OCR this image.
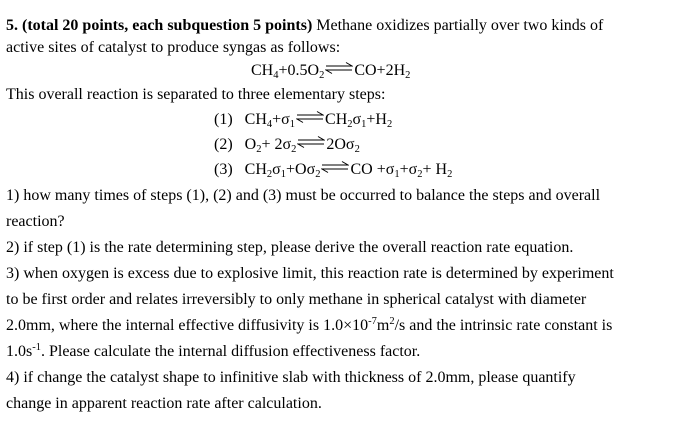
5. (total 20 points, each subquestion 5 points) Methane oxidizes partially over two kinds of
active sites of catalyst to produce syngas as follows:
$CH_4+0.5O_2$ $\rightleftharpoons CO+2H_2$
This overall reaction is separated to three elementary steps:
(1) $CH_4+\sigma_1$ $\rightleftharpoons CH_2\sigma_1+H_2$
(2) $O_2+ 2\sigma_2$ $\rightleftharpoons 2O\sigma_2$
(3) $CH_2\sigma_1+O\sigma_2$ ⇌CO $+\sigma_1+\sigma_2+ H_2$
1) how many times of steps (1), (2) and (3) must be occurred to balance the steps and overall
reaction?
2) if step (1) is the rate determining step, please derive the overall reaction rate equation.
3) when oxygen is excess due to explosive limit, this reaction rate is determined by experiment
to be first order and relates irreversibly to only methane in spherical catalyst with diameter
2.0mm, where the internal effective diffusivity is $1.0\times 10^{-7}m^2/s$ and the intrinsic rate constant is
$1.0s^{-1}$. Please calculate the internal diffusion effectiveness factor.
4) if change the catalyst shape to infinitive slab with thickness of 2.0mm, please quantify
change in apparent reaction rate after calculation.
